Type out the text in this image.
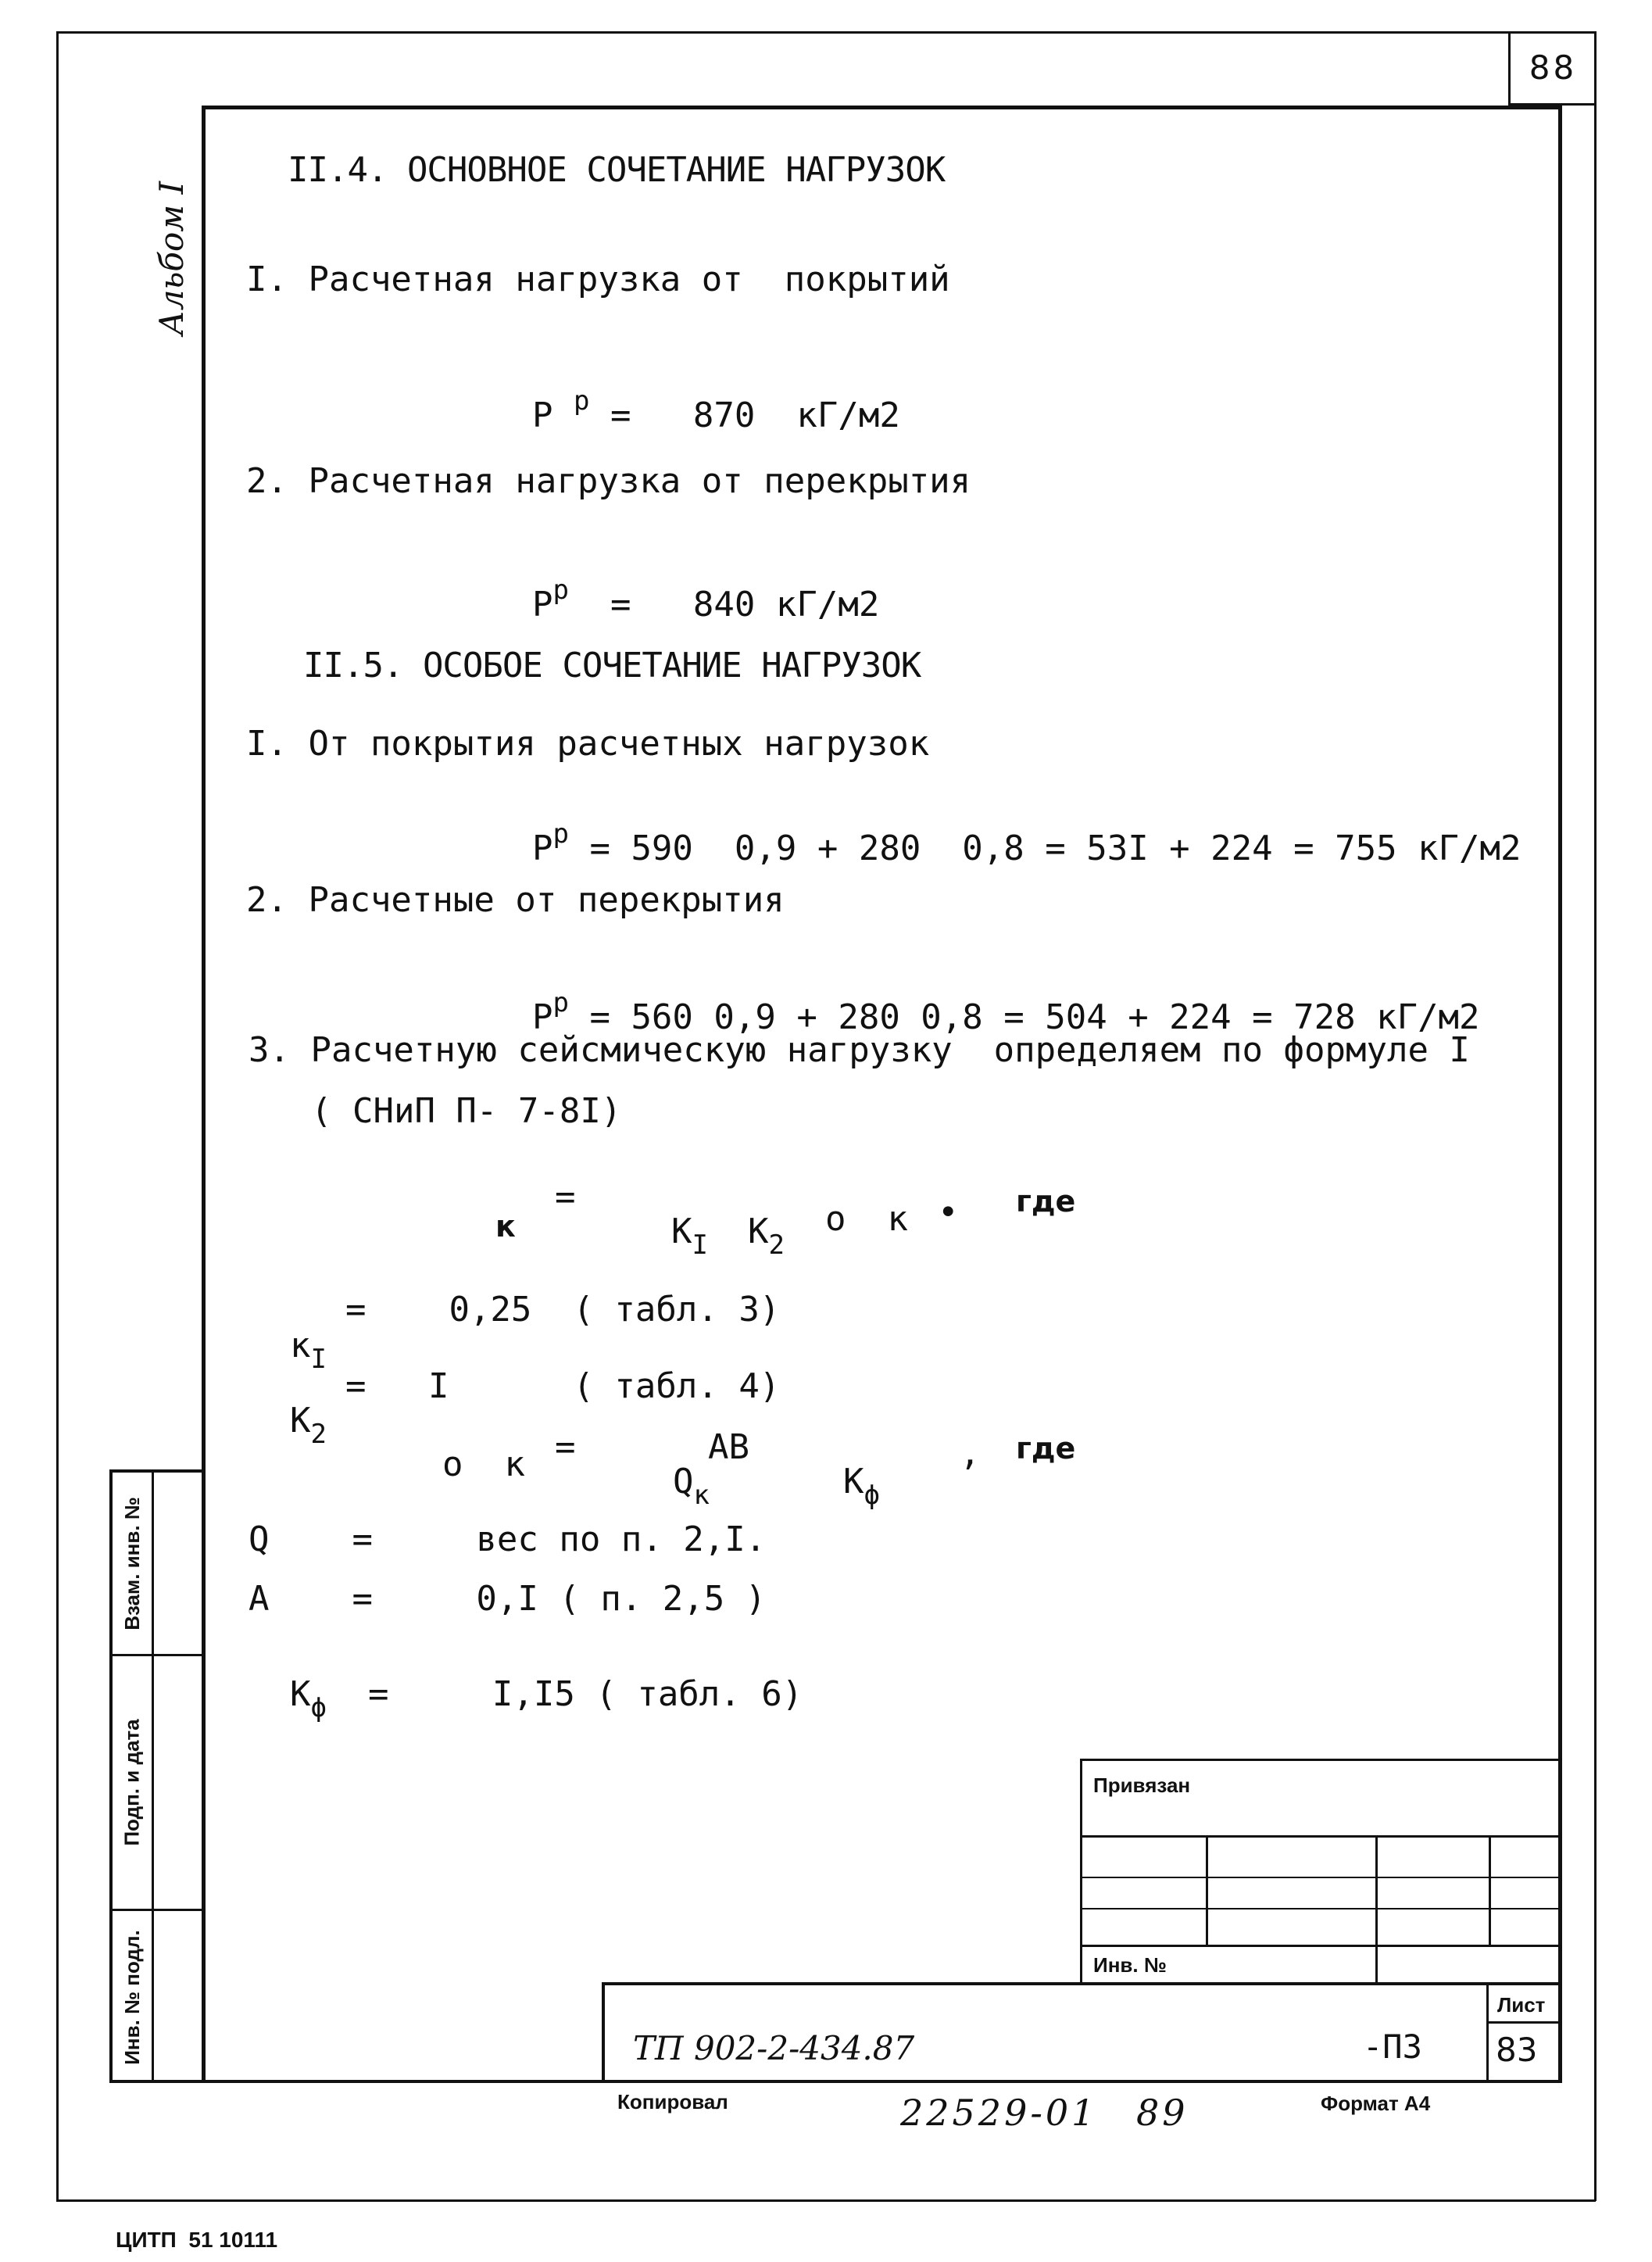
88
Альбом I
II.4. ОСНОВНОЕ СОЧЕТАНИЕ НАГРУЗОК
I. Расчетная нагрузка от  покрытий

P $^p$ =   870  кГ/м2

2. Расчетная нагрузка от перекрытия

$P^p = 840$ кГ/м2

II.5. ОСОБОЕ СОЧЕТАНИЕ НАГРУЗОК
I. От покрытия расчетных нагрузок

$P^p = 590$  0,9 + 280  0,8 = 53I + 224 = 755 кГ/м2

2. Расчетные от перекрытия

$P^p = 560$ 0,9 + 280 0,8 = 504 + 224 = 728 кГ/м2

3. Расчетную сейсмическую нагрузку  определяем по формуле I
( СНиП П- 7-8I)
к
=

$K_I$	$K_2$

о  к • где

$к_I$

=    0,25  ( табл. 3)

$K_2$

=   I      ( табл. 4)
о  к =

$Q_к$

AB

$K_\phi$

, где
Q    =     вес по п. 2,I.
A    =     0,I ( п. 2,5 )

$K_\phi$  =     I,I5 ( табл. 6)

Взам. инв. №
Подп. и дата
Инв. № подл.
Привязан
Инв. №
ТП 902-2-434.87	-ПЗ
Лист
83
Копировал	22529-01 89	Формат А4
ЦИТП  51 10111
